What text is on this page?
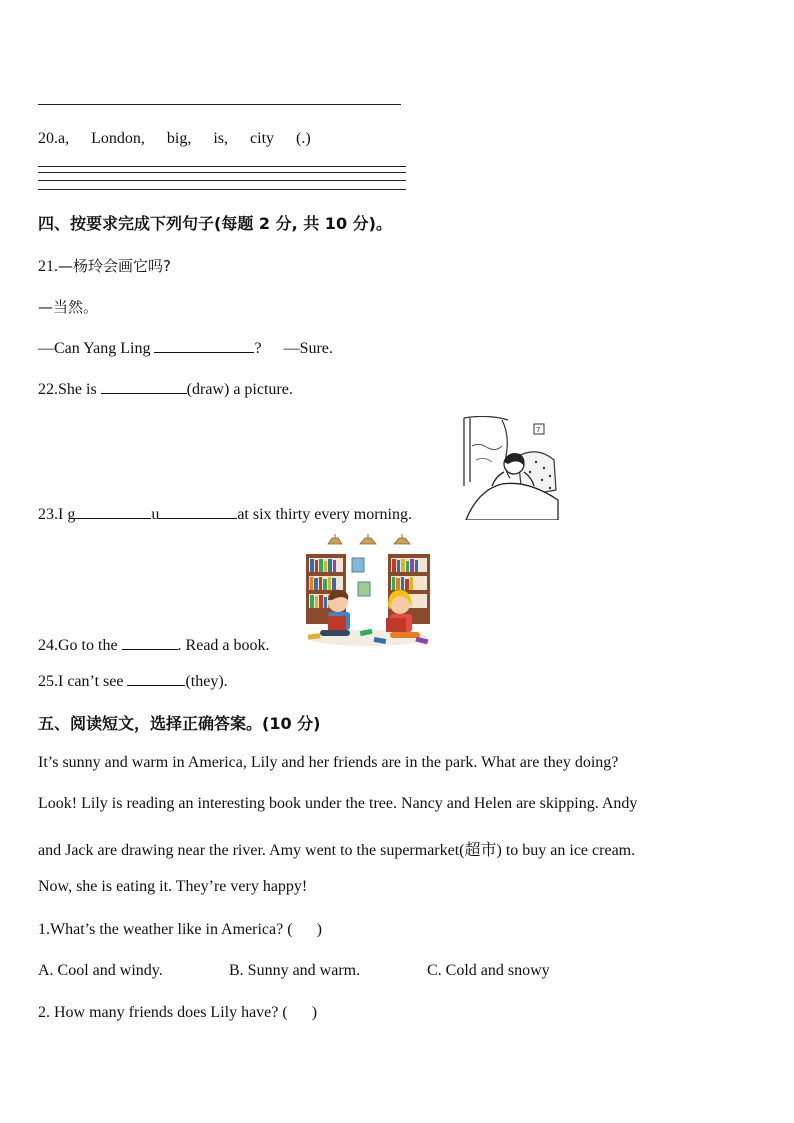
20.a, London, big, is, city (.)
四、按要求完成下列句子(每题 2 分, 共 10 分)。
21.—杨玲会画它吗?
—当然。
—Can Yang Ling	? —Sure.
22.She is	(draw) a picture.
7
23.I g	u	at six thirty every morning.
24.Go to the	. Read a book.
25.I can’t see	(they).
五、阅读短文，选择正确答案。(10 分)
It’s sunny and warm in America, Lily and her friends are in the park. What are they doing?
Look! Lily is reading an interesting book under the tree. Nancy and Helen are skipping. Andy
and Jack are drawing near the river. Amy went to the supermarket(超市) to buy an ice cream.
Now, she is eating it. They’re very happy!
1.What’s the weather like in America? ( )
A. Cool and windy.	B. Sunny and warm.	C. Cold and snowy
2. How many friends does Lily have? ( )
